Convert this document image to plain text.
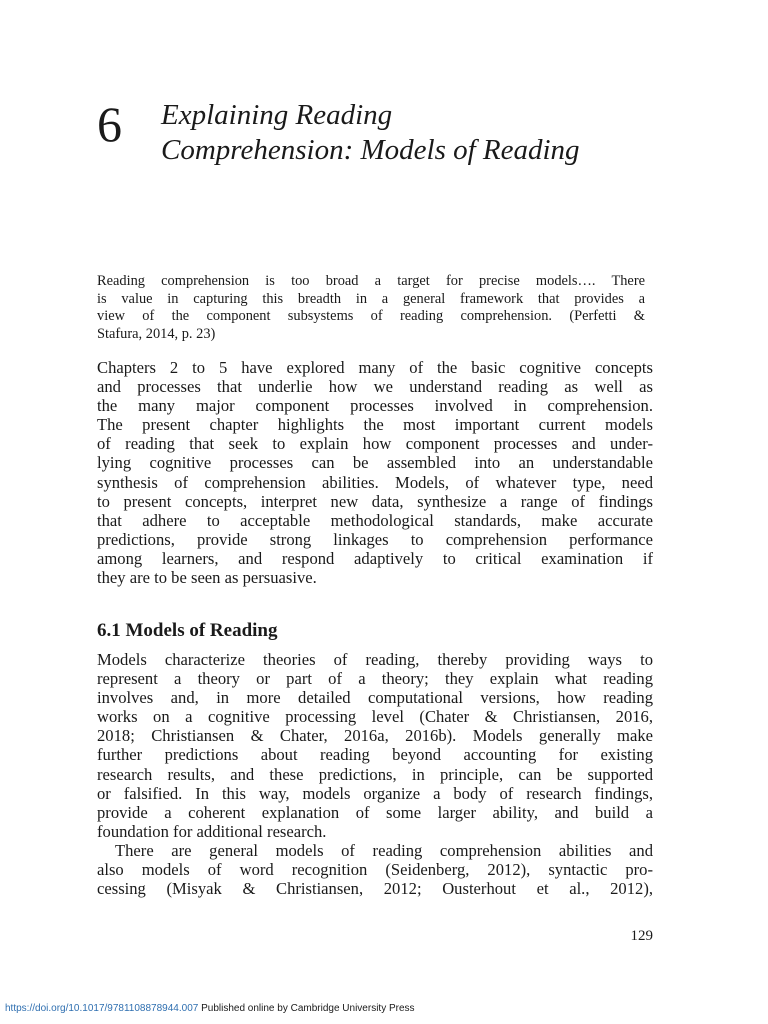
6 Explaining Reading
Comprehension: Models of Reading
Reading comprehension is too broad a target for precise models…. There
is value in capturing this breadth in a general framework that provides a
view of the component subsystems of reading comprehension. (Perfetti &
Stafura, 2014, p. 23)
Chapters 2 to 5 have explored many of the basic cognitive concepts
and processes that underlie how we understand reading as well as
the many major component processes involved in comprehension.
The present chapter highlights the most important current models
of reading that seek to explain how component processes and under-
lying cognitive processes can be assembled into an understandable
synthesis of comprehension abilities. Models, of whatever type, need
to present concepts, interpret new data, synthesize a range of findings
that adhere to acceptable methodological standards, make accurate
predictions, provide strong linkages to comprehension performance
among learners, and respond adaptively to critical examination if
they are to be seen as persuasive.
6.1 Models of Reading
Models characterize theories of reading, thereby providing ways to
represent a theory or part of a theory; they explain what reading
involves and, in more detailed computational versions, how reading
works on a cognitive processing level (Chater & Christiansen, 2016,
2018; Christiansen & Chater, 2016a, 2016b). Models generally make
further predictions about reading beyond accounting for existing
research results, and these predictions, in principle, can be supported
or falsified. In this way, models organize a body of research findings,
provide a coherent explanation of some larger ability, and build a
foundation for additional research.
There are general models of reading comprehension abilities and
also models of word recognition (Seidenberg, 2012), syntactic pro-
cessing (Misyak & Christiansen, 2012; Ousterhout et al., 2012),
129
https://doi.org/10.1017/9781108878944.007 Published online by Cambridge University Press
